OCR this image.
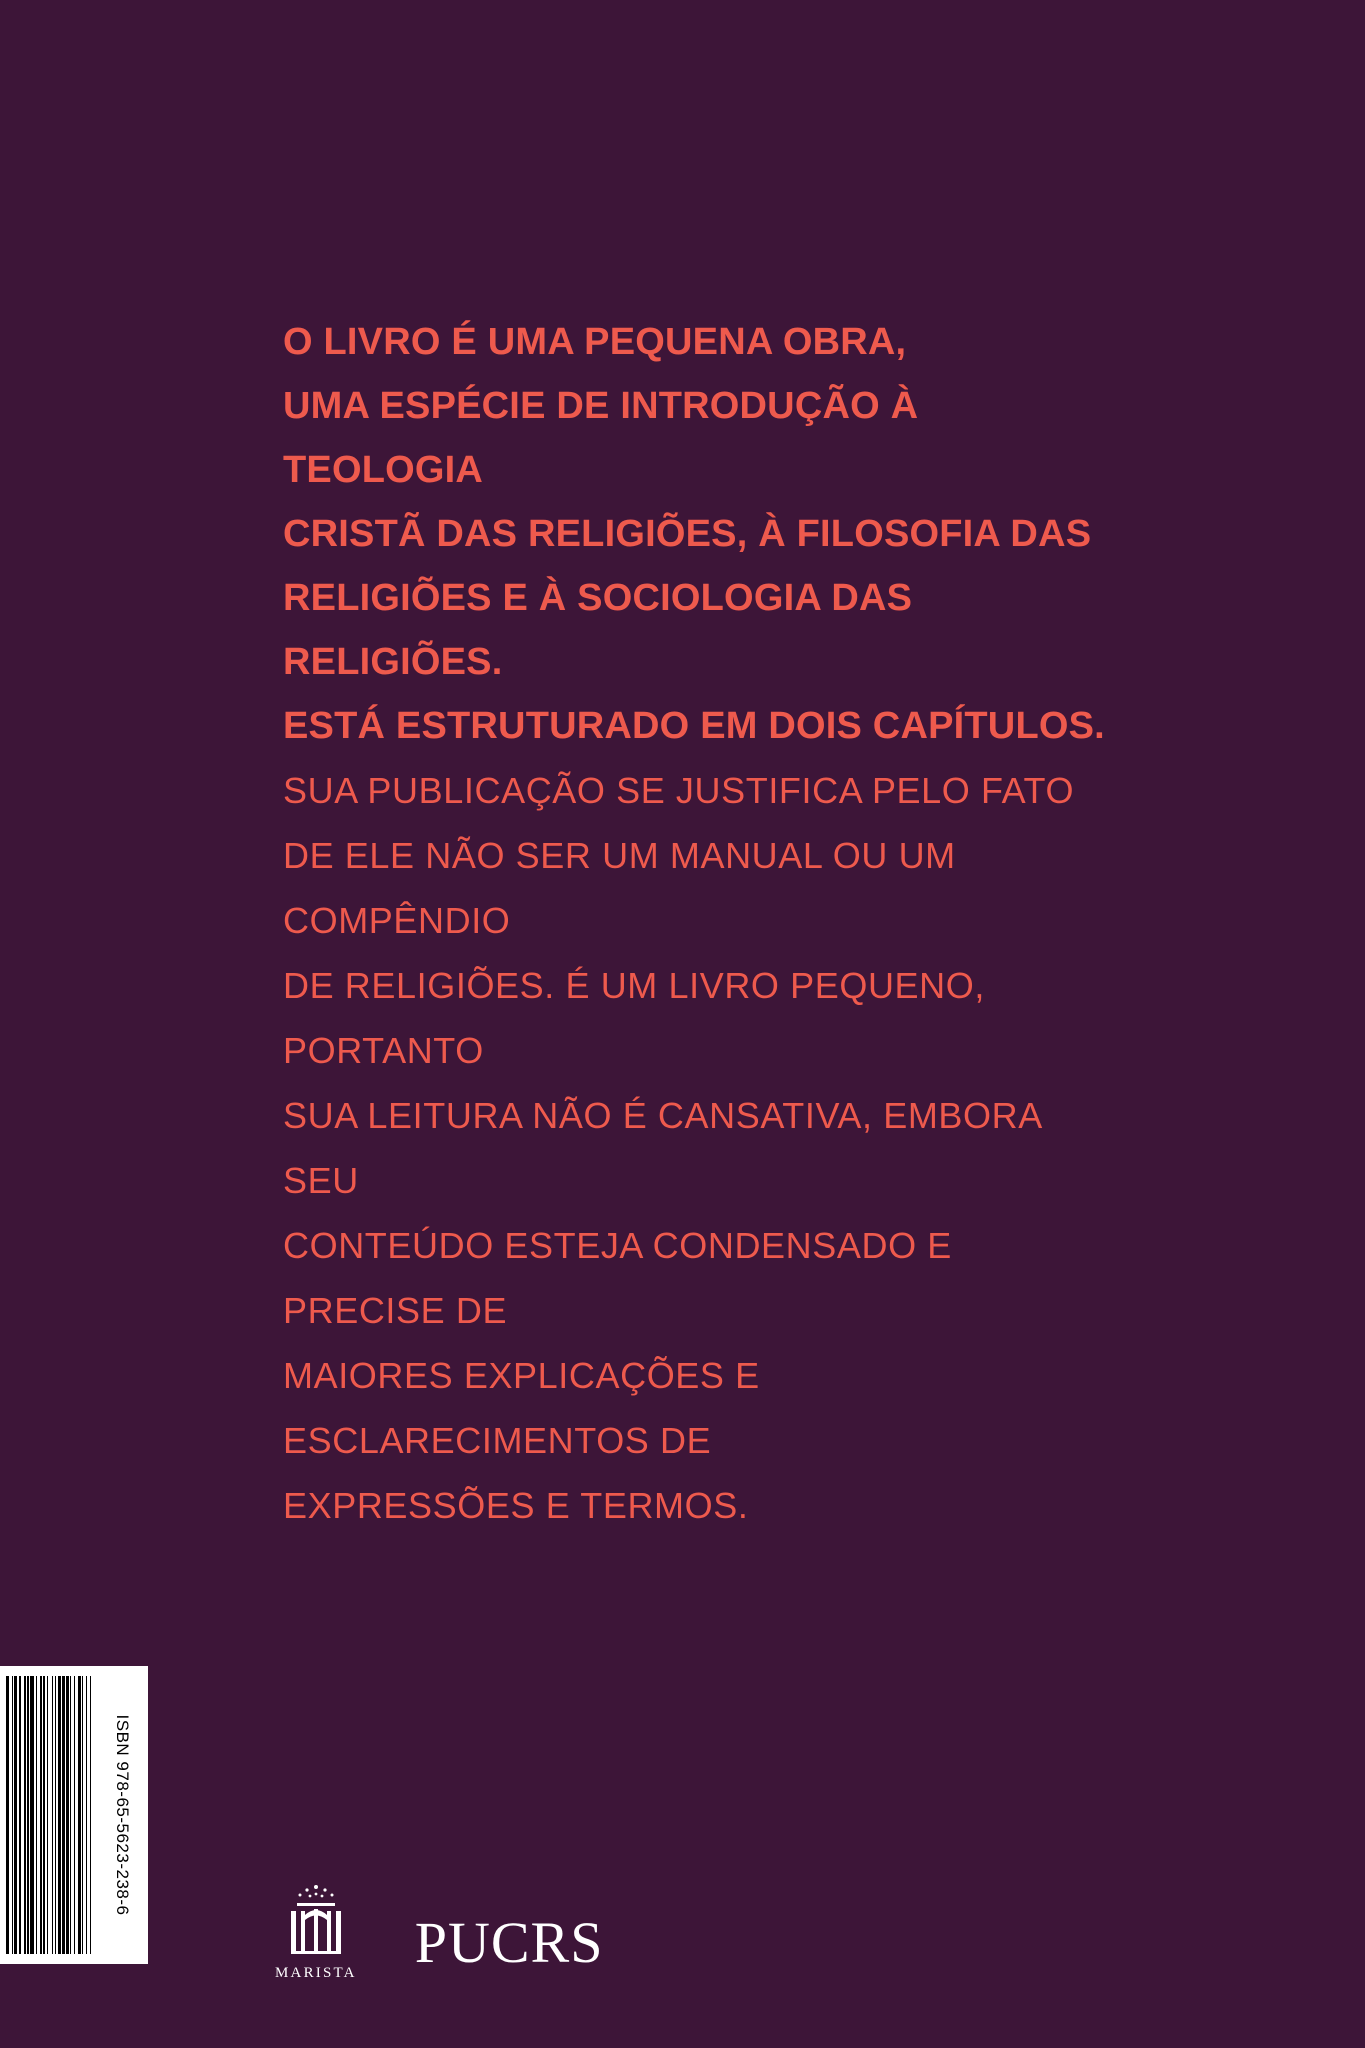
O LIVRO É UMA PEQUENA OBRA,

UMA ESPÉCIE DE INTRODUÇÃO À TEOLOGIA

CRISTÃ DAS RELIGIÕES, À FILOSOFIA DAS

RELIGIÕES E À SOCIOLOGIA DAS RELIGIÕES.

ESTÁ ESTRUTURADO EM DOIS CAPÍTULOS.

SUA PUBLICAÇÃO SE JUSTIFICA PELO FATO

DE ELE NÃO SER UM MANUAL OU UM COMPÊNDIO

DE RELIGIÕES. É UM LIVRO PEQUENO, PORTANTO

SUA LEITURA NÃO É CANSATIVA, EMBORA SEU

CONTEÚDO ESTEJA CONDENSADO E PRECISE DE

MAIORES EXPLICAÇÕES E ESCLARECIMENTOS DE

EXPRESSÕES E TERMOS.

ISBN 978-65-5623-238-6
MARISTA PUCRS
